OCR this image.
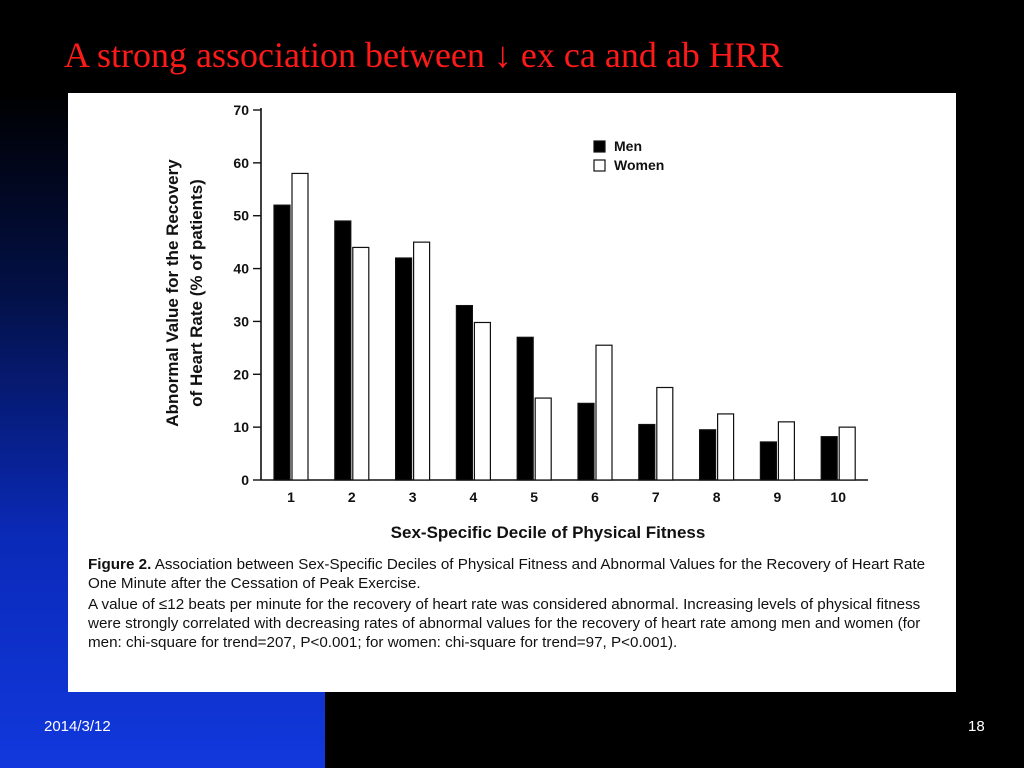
A strong association between ↓ ex ca and ab HRR
0
10
20
30
40
50
60
70
Abnormal Value for the Recovery of Heart Rate (% of patients)
1	2	3	4	5	6	7	8	9	10
Sex-Specific Decile of Physical Fitness
Men
Women

Figure 2. Association between Sex-Specific Deciles of Physical Fitness and Abnormal Values for the Recovery of Heart Rate One Minute after the Cessation of Peak Exercise.

A value of ≤12 beats per minute for the recovery of heart rate was considered abnormal. Increasing levels of physical fitness were strongly correlated with decreasing rates of abnormal values for the recovery of heart rate among men and women (for men: chi-square for trend=207, P<0.001; for women: chi-square for trend=97, P<0.001).

2014/3/12	18
